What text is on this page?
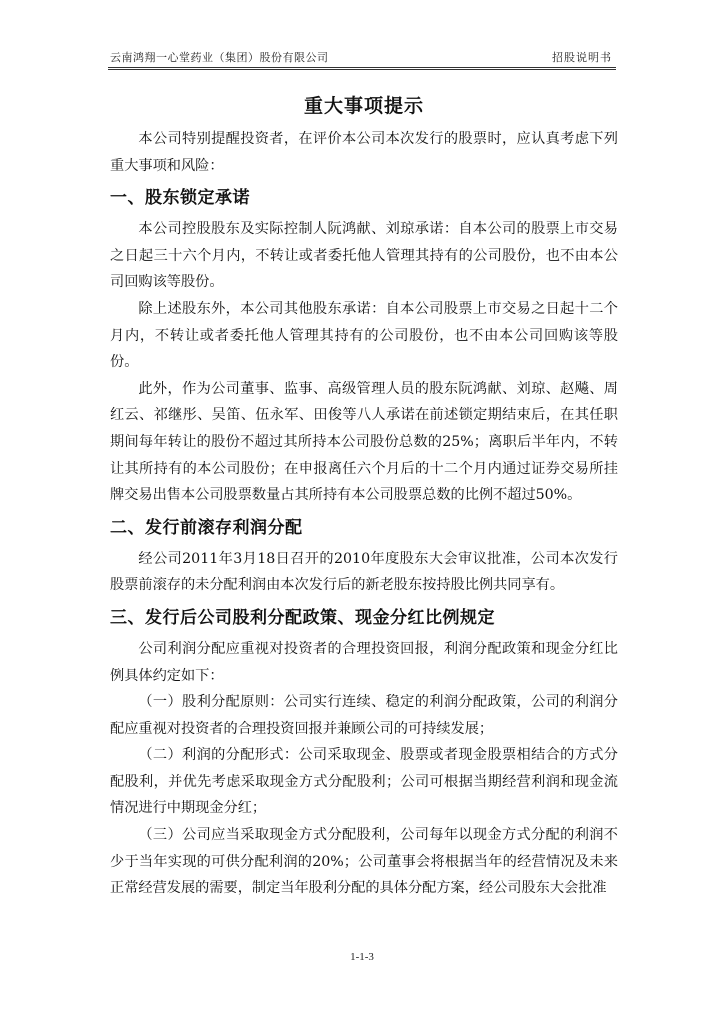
云南鸿翔一心堂药业（集团）股份有限公司	招股说明书
重大事项提示

本公司特别提醒投资者，在评价本公司本次发行的股票时，应认真考虑下列重大事项和风险：

一、股东锁定承诺

本公司控股股东及实际控制人阮鸿献、刘琼承诺：自本公司的股票上市交易之日起三十六个月内，不转让或者委托他人管理其持有的公司股份，也不由本公司回购该等股份。

除上述股东外，本公司其他股东承诺：自本公司股票上市交易之日起十二个月内，不转让或者委托他人管理其持有的公司股份，也不由本公司回购该等股份。

此外，作为公司董事、监事、高级管理人员的股东阮鸿献、刘琼、赵飚、周红云、祁继彤、吴笛、伍永军、田俊等八人承诺在前述锁定期结束后，在其任职期间每年转让的股份不超过其所持本公司股份总数的25%；离职后半年内，不转让其所持有的本公司股份；在申报离任六个月后的十二个月内通过证券交易所挂牌交易出售本公司股票数量占其所持有本公司股票总数的比例不超过50%。

二、发行前滚存利润分配

经公司2011年3月18日召开的2010年度股东大会审议批准，公司本次发行股票前滚存的未分配利润由本次发行后的新老股东按持股比例共同享有。

三、发行后公司股利分配政策、现金分红比例规定

公司利润分配应重视对投资者的合理投资回报，利润分配政策和现金分红比例具体约定如下：

（一）股利分配原则：公司实行连续、稳定的利润分配政策，公司的利润分配应重视对投资者的合理投资回报并兼顾公司的可持续发展；

（二）利润的分配形式：公司采取现金、股票或者现金股票相结合的方式分配股利，并优先考虑采取现金方式分配股利；公司可根据当期经营利润和现金流情况进行中期现金分红；

（三）公司应当采取现金方式分配股利，公司每年以现金方式分配的利润不少于当年实现的可供分配利润的20%；公司董事会将根据当年的经营情况及未来正常经营发展的需要，制定当年股利分配的具体分配方案，经公司股东大会批准

1-1-3
